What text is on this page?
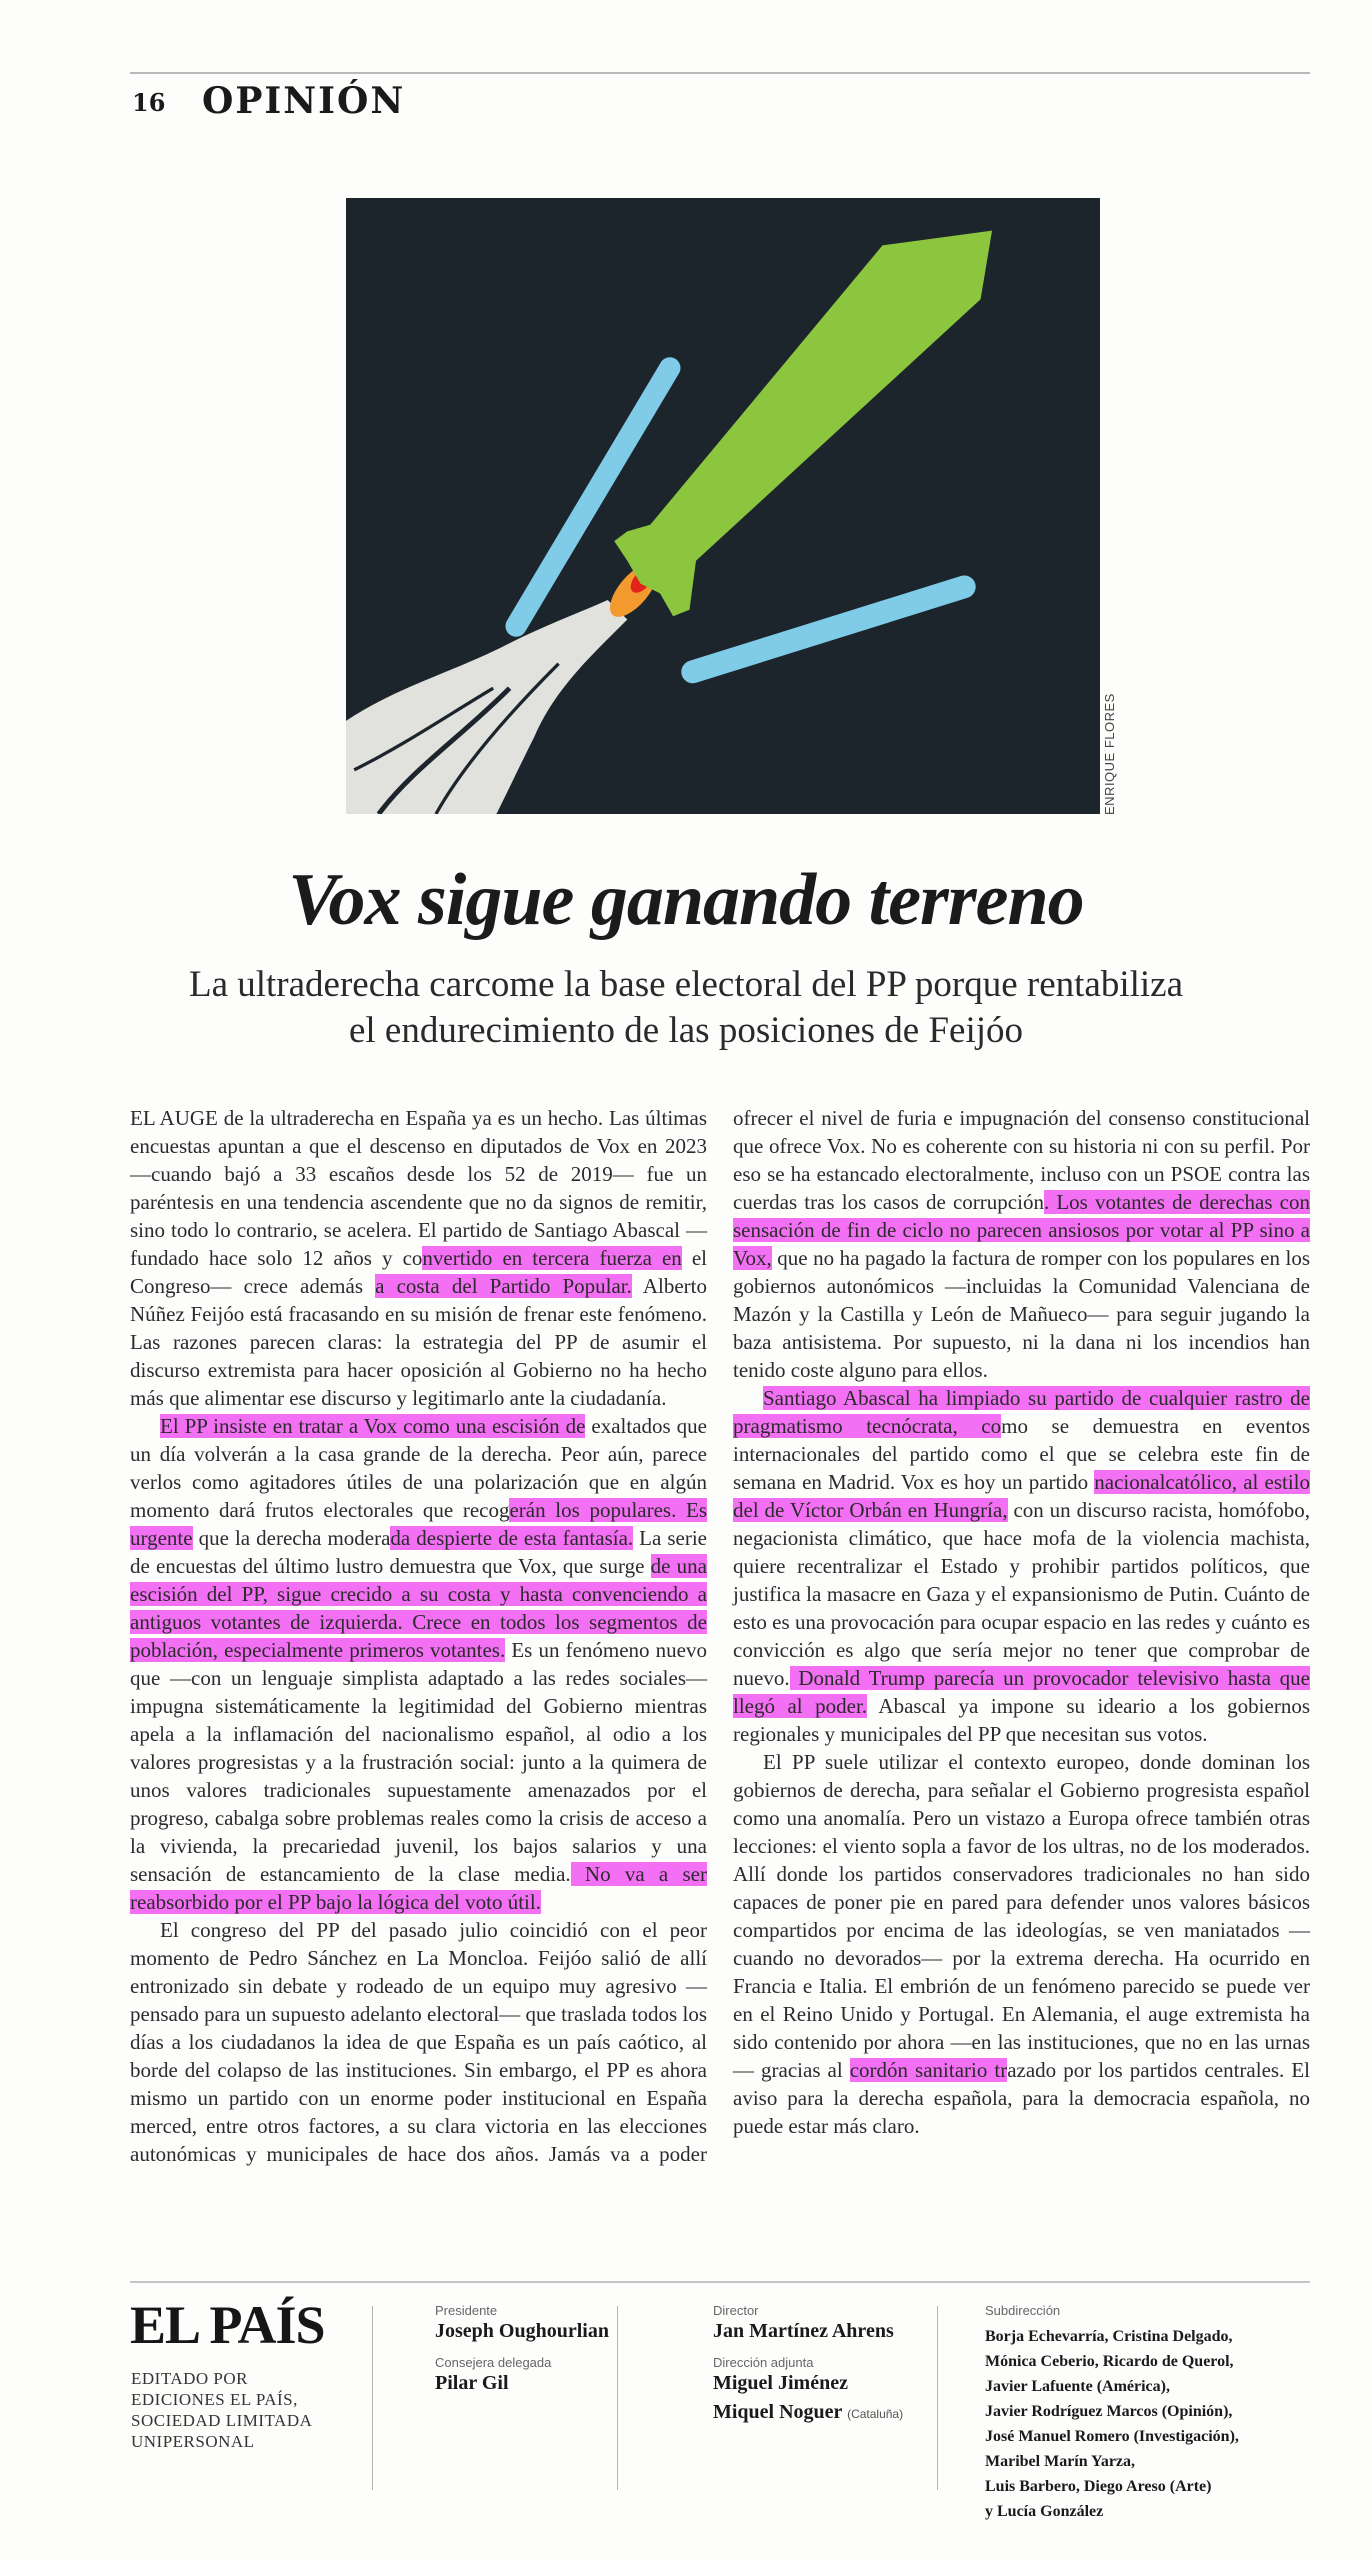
16 OPINIÓN
ENRIQUE FLORES
Vox sigue ganando terreno
La ultraderecha carcome la base electoral del PP porque rentabiliza
el endurecimiento de las posiciones de Feijóo

EL AUGE de la ultraderecha en España ya es un hecho. Las últimas encuestas apuntan a que el descenso en diputados de Vox en 2023 —cuando bajó a 33 escaños desde los 52 de 2019— fue un paréntesis en una tendencia ascendente que no da signos de remitir, sino todo lo contrario, se acelera. El partido de Santiago Abascal —fundado hace solo 12 años y convertido en tercera fuerza en el Congreso— crece además a costa del Partido Popular. Alberto Núñez Feijóo está fracasando en su misión de frenar este fenómeno. Las razones parecen claras: la estrategia del PP de asumir el discurso extremista para hacer oposición al Gobierno no ha hecho más que alimentar ese discurso y legitimarlo ante la ciudadanía.

El PP insiste en tratar a Vox como una escisión de exaltados que un día volverán a la casa grande de la derecha. Peor aún, parece verlos como agitadores útiles de una polarización que en algún momento dará frutos electorales que recogerán los populares. Es urgente que la derecha moderada despierte de esta fantasía. La serie de encuestas del último lustro demuestra que Vox, que surge de una escisión del PP, sigue crecido a su costa y hasta convenciendo a antiguos votantes de izquierda. Crece en todos los segmentos de población, especialmente primeros votantes. Es un fenómeno nuevo que —con un lenguaje simplista adaptado a las redes sociales— impugna sistemáticamente la legitimidad del Gobierno mientras apela a la inflamación del nacionalismo español, al odio a los valores progresistas y a la frustración social: junto a la quimera de unos valores tradicionales supuestamente amenazados por el progreso, cabalga sobre problemas reales como la crisis de acceso a la vivienda, la precariedad juvenil, los bajos salarios y una sensación de estancamiento de la clase media. No va a ser reabsorbido por el PP bajo la lógica del voto útil.

El congreso del PP del pasado julio coincidió con el peor momento de Pedro Sánchez en La Moncloa. Feijóo salió de allí entronizado sin debate y rodeado de un equipo muy agresivo —pensado para un supuesto adelanto electoral— que traslada todos los días a los ciudadanos la idea de que España es un país caótico, al borde del colapso de las instituciones. Sin embargo, el PP es ahora mismo un partido con un enorme poder institucional en España merced, entre otros factores, a su clara victoria en las elecciones autonómicas y municipales de hace dos años. Jamás va a poder ofrecer el nivel de furia e impugnación del consenso constitucional que ofrece Vox. No es coherente con su historia ni con su perfil. Por eso se ha estancado electoralmente, incluso con un PSOE contra las cuerdas tras los casos de corrupción. Los votantes de derechas con sensación de fin de ciclo no parecen ansiosos por votar al PP sino a Vox, que no ha pagado la factura de romper con los populares en los gobiernos autonómicos —incluidas la Comunidad Valenciana de Mazón y la Castilla y León de Mañueco— para seguir jugando la baza antisistema. Por supuesto, ni la dana ni los incendios han tenido coste alguno para ellos.

Santiago Abascal ha limpiado su partido de cualquier rastro de pragmatismo tecnócrata, como se demuestra en eventos internacionales del partido como el que se celebra este fin de semana en Madrid. Vox es hoy un partido nacionalcatólico, al estilo del de Víctor Orbán en Hungría, con un discurso racista, homófobo, negacionista climático, que hace mofa de la violencia machista, quiere recentralizar el Estado y prohibir partidos políticos, que justifica la masacre en Gaza y el expansionismo de Putin. Cuánto de esto es una provocación para ocupar espacio en las redes y cuánto es convicción es algo que sería mejor no tener que comprobar de nuevo. Donald Trump parecía un provocador televisivo hasta que llegó al poder. Abascal ya impone su ideario a los gobiernos regionales y municipales del PP que necesitan sus votos.

El PP suele utilizar el contexto europeo, donde dominan los gobiernos de derecha, para señalar el Gobierno progresista español como una anomalía. Pero un vistazo a Europa ofrece también otras lecciones: el viento sopla a favor de los ultras, no de los moderados. Allí donde los partidos conservadores tradicionales no han sido capaces de poner pie en pared para defender unos valores básicos compartidos por encima de las ideologías, se ven maniatados —cuando no devorados— por la extrema derecha. Ha ocurrido en Francia e Italia. El embrión de un fenómeno parecido se puede ver en el Reino Unido y Portugal. En Alemania, el auge extremista ha sido contenido por ahora —en las instituciones, que no en las urnas— gracias al cordón sanitario trazado por los partidos centrales. El aviso para la derecha española, para la democracia española, no puede estar más claro.

EL PAÍS
EDITADO POR
EDICIONES EL PAÍS,
SOCIEDAD LIMITADA
UNIPERSONAL
Presidente
Joseph Oughourlian
Consejera delegada
Pilar Gil
Director
Jan Martínez Ahrens
Dirección adjunta
Miguel Jiménez
Miquel Noguer (Cataluña)
Subdirección
Borja Echevarría, Cristina Delgado,
Mónica Ceberio, Ricardo de Querol,
Javier Lafuente (América),
Javier Rodríguez Marcos (Opinión),
José Manuel Romero (Investigación),
Maribel Marín Yarza,
Luis Barbero, Diego Areso (Arte)
y Lucía González
